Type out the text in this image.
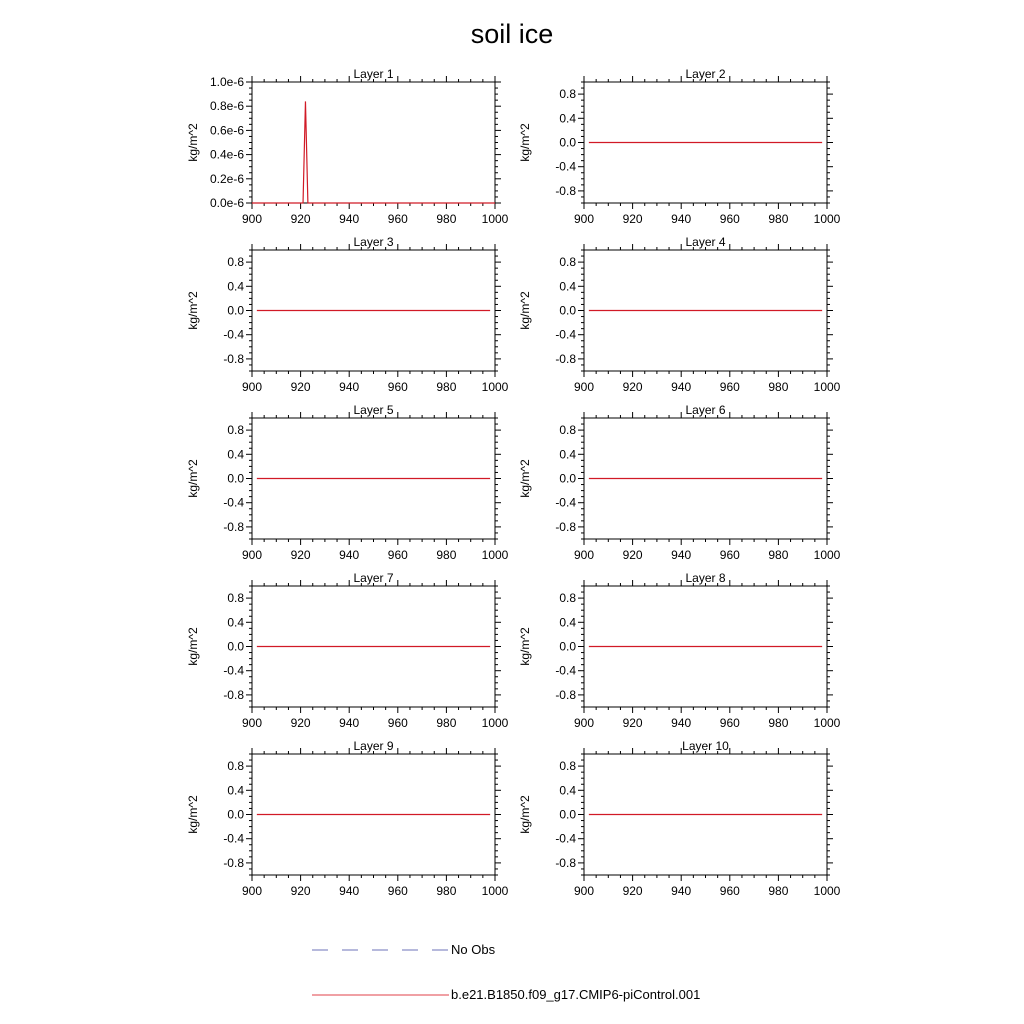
soil ice
Layer 1
kg/m^2
900 920 940 960 980 1000
0.0e-6
0.2e-6
0.4e-6
0.6e-6
0.8e-6
1.0e-6
Layer 2
kg/m^2
900 920 940 960 980 1000
-0.8
-0.4
0.0
0.4
0.8
Layer 3
kg/m^2
900 920 940 960 980 1000
-0.8
-0.4
0.0
0.4
0.8
Layer 4
kg/m^2
900 920 940 960 980 1000
-0.8
-0.4
0.0
0.4
0.8
Layer 5
kg/m^2
900 920 940 960 980 1000
-0.8
-0.4
0.0
0.4
0.8
Layer 6
kg/m^2
900 920 940 960 980 1000
-0.8
-0.4
0.0
0.4
0.8
Layer 7
kg/m^2
900 920 940 960 980 1000
-0.8
-0.4
0.0
0.4
0.8
Layer 8
kg/m^2
900 920 940 960 980 1000
-0.8
-0.4
0.0
0.4
0.8
Layer 9
kg/m^2
900 920 940 960 980 1000
-0.8
-0.4
0.0
0.4
0.8
Layer 10
kg/m^2
900 920 940 960 980 1000
-0.8
-0.4
0.0
0.4
0.8
No Obs
b.e21.B1850.f09_g17.CMIP6-piControl.001
